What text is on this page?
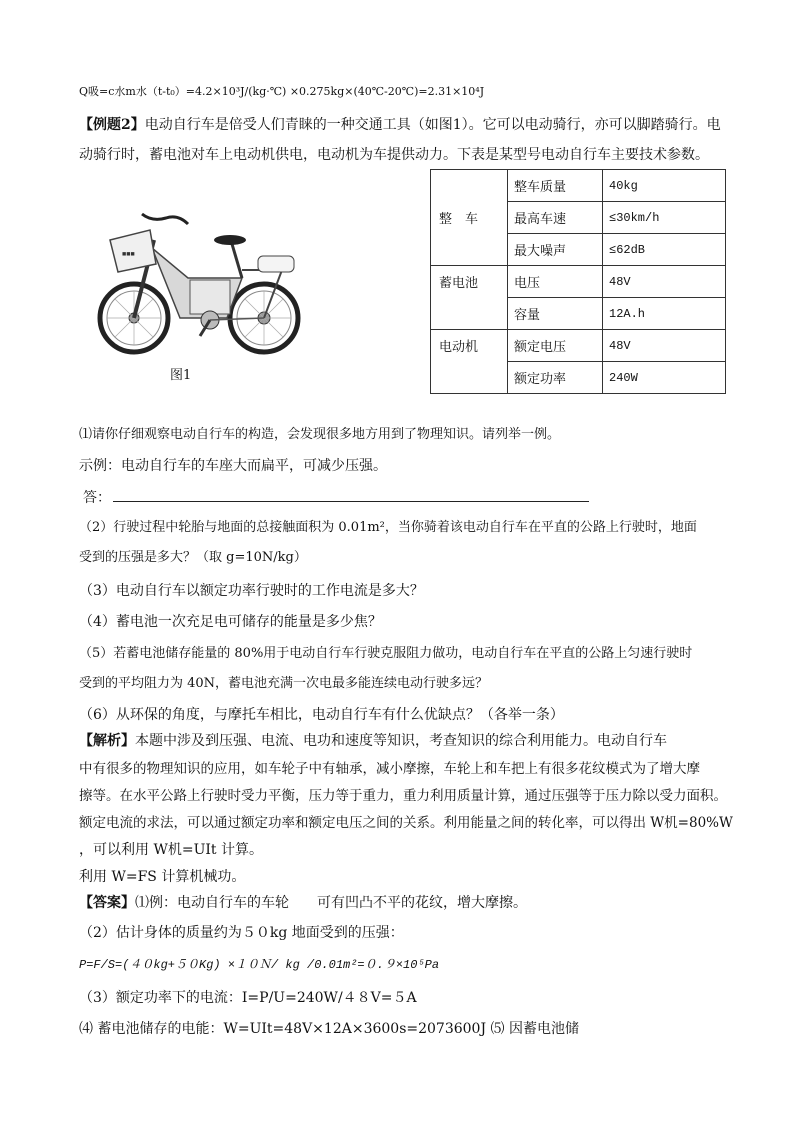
Q吸=c水m水（t-t₀）=4.2×10³J/(kg·℃) ×0.275kg×(40℃-20℃)=2.31×10⁴J
【例题2】电动自行车是倍受人们青睐的一种交通工具（如图1）。它可以电动骑行，亦可以脚踏骑行。电
动骑行时，蓄电池对车上电动机供电，电动机为车提供动力。下表是某型号电动自行车主要技术参数。
■■■
图1
整　车	整车质量	40kg
	最高车速	≤30km/h
	最大噪声	≤62dB
蓄电池	电压	48V
	容量	12A.h
电动机	额定电压	48V
	额定功率	240W
⑴请你仔细观察电动自行车的构造，会发现很多地方用到了物理知识。请列举一例。
示例：电动自行车的车座大而扁平，可减少压强。
答：
（2）行驶过程中轮胎与地面的总接触面积为 0.01m²，当你骑着该电动自行车在平直的公路上行驶时，地面
受到的压强是多大？（取 g=10N/kg）
（3）电动自行车以额定功率行驶时的工作电流是多大？
（4）蓄电池一次充足电可储存的能量是多少焦？
（5）若蓄电池储存能量的 80%用于电动自行车行驶克服阻力做功，电动自行车在平直的公路上匀速行驶时
受到的平均阻力为 40N，蓄电池充满一次电最多能连续电动行驶多远？
（6）从环保的角度，与摩托车相比，电动自行车有什么优缺点？（各举一条）
【解析】本题中涉及到压强、电流、电功和速度等知识，考查知识的综合利用能力。电动自行车
中有很多的物理知识的应用，如车轮子中有轴承，减小摩擦，车轮上和车把上有很多花纹模式为了增大摩
擦等。在水平公路上行驶时受力平衡，压力等于重力，重力利用质量计算，通过压强等于压力除以受力面积。
额定电流的求法，可以通过额定功率和额定电压之间的关系。利用能量之间的转化率，可以得出 W机=80%W
，可以利用 W机=UIt 计算。
利用 W=FS 计算机械功。
【答案】⑴例：电动自行车的车轮　　可有凹凸不平的花纹，增大摩擦。
（2）估计身体的质量约为５０kg 地面受到的压强：
P=F/S=(４０kg+５０Kg) ×１０Ｎ/ kg /0.01m²=０.９×10⁵Pa
（3）额定功率下的电流：I=P/U=240W/４８V=５A
⑷ 蓄电池储存的电能：W=UIt=48V×12A×3600s=2073600J ⑸ 因蓄电池储
